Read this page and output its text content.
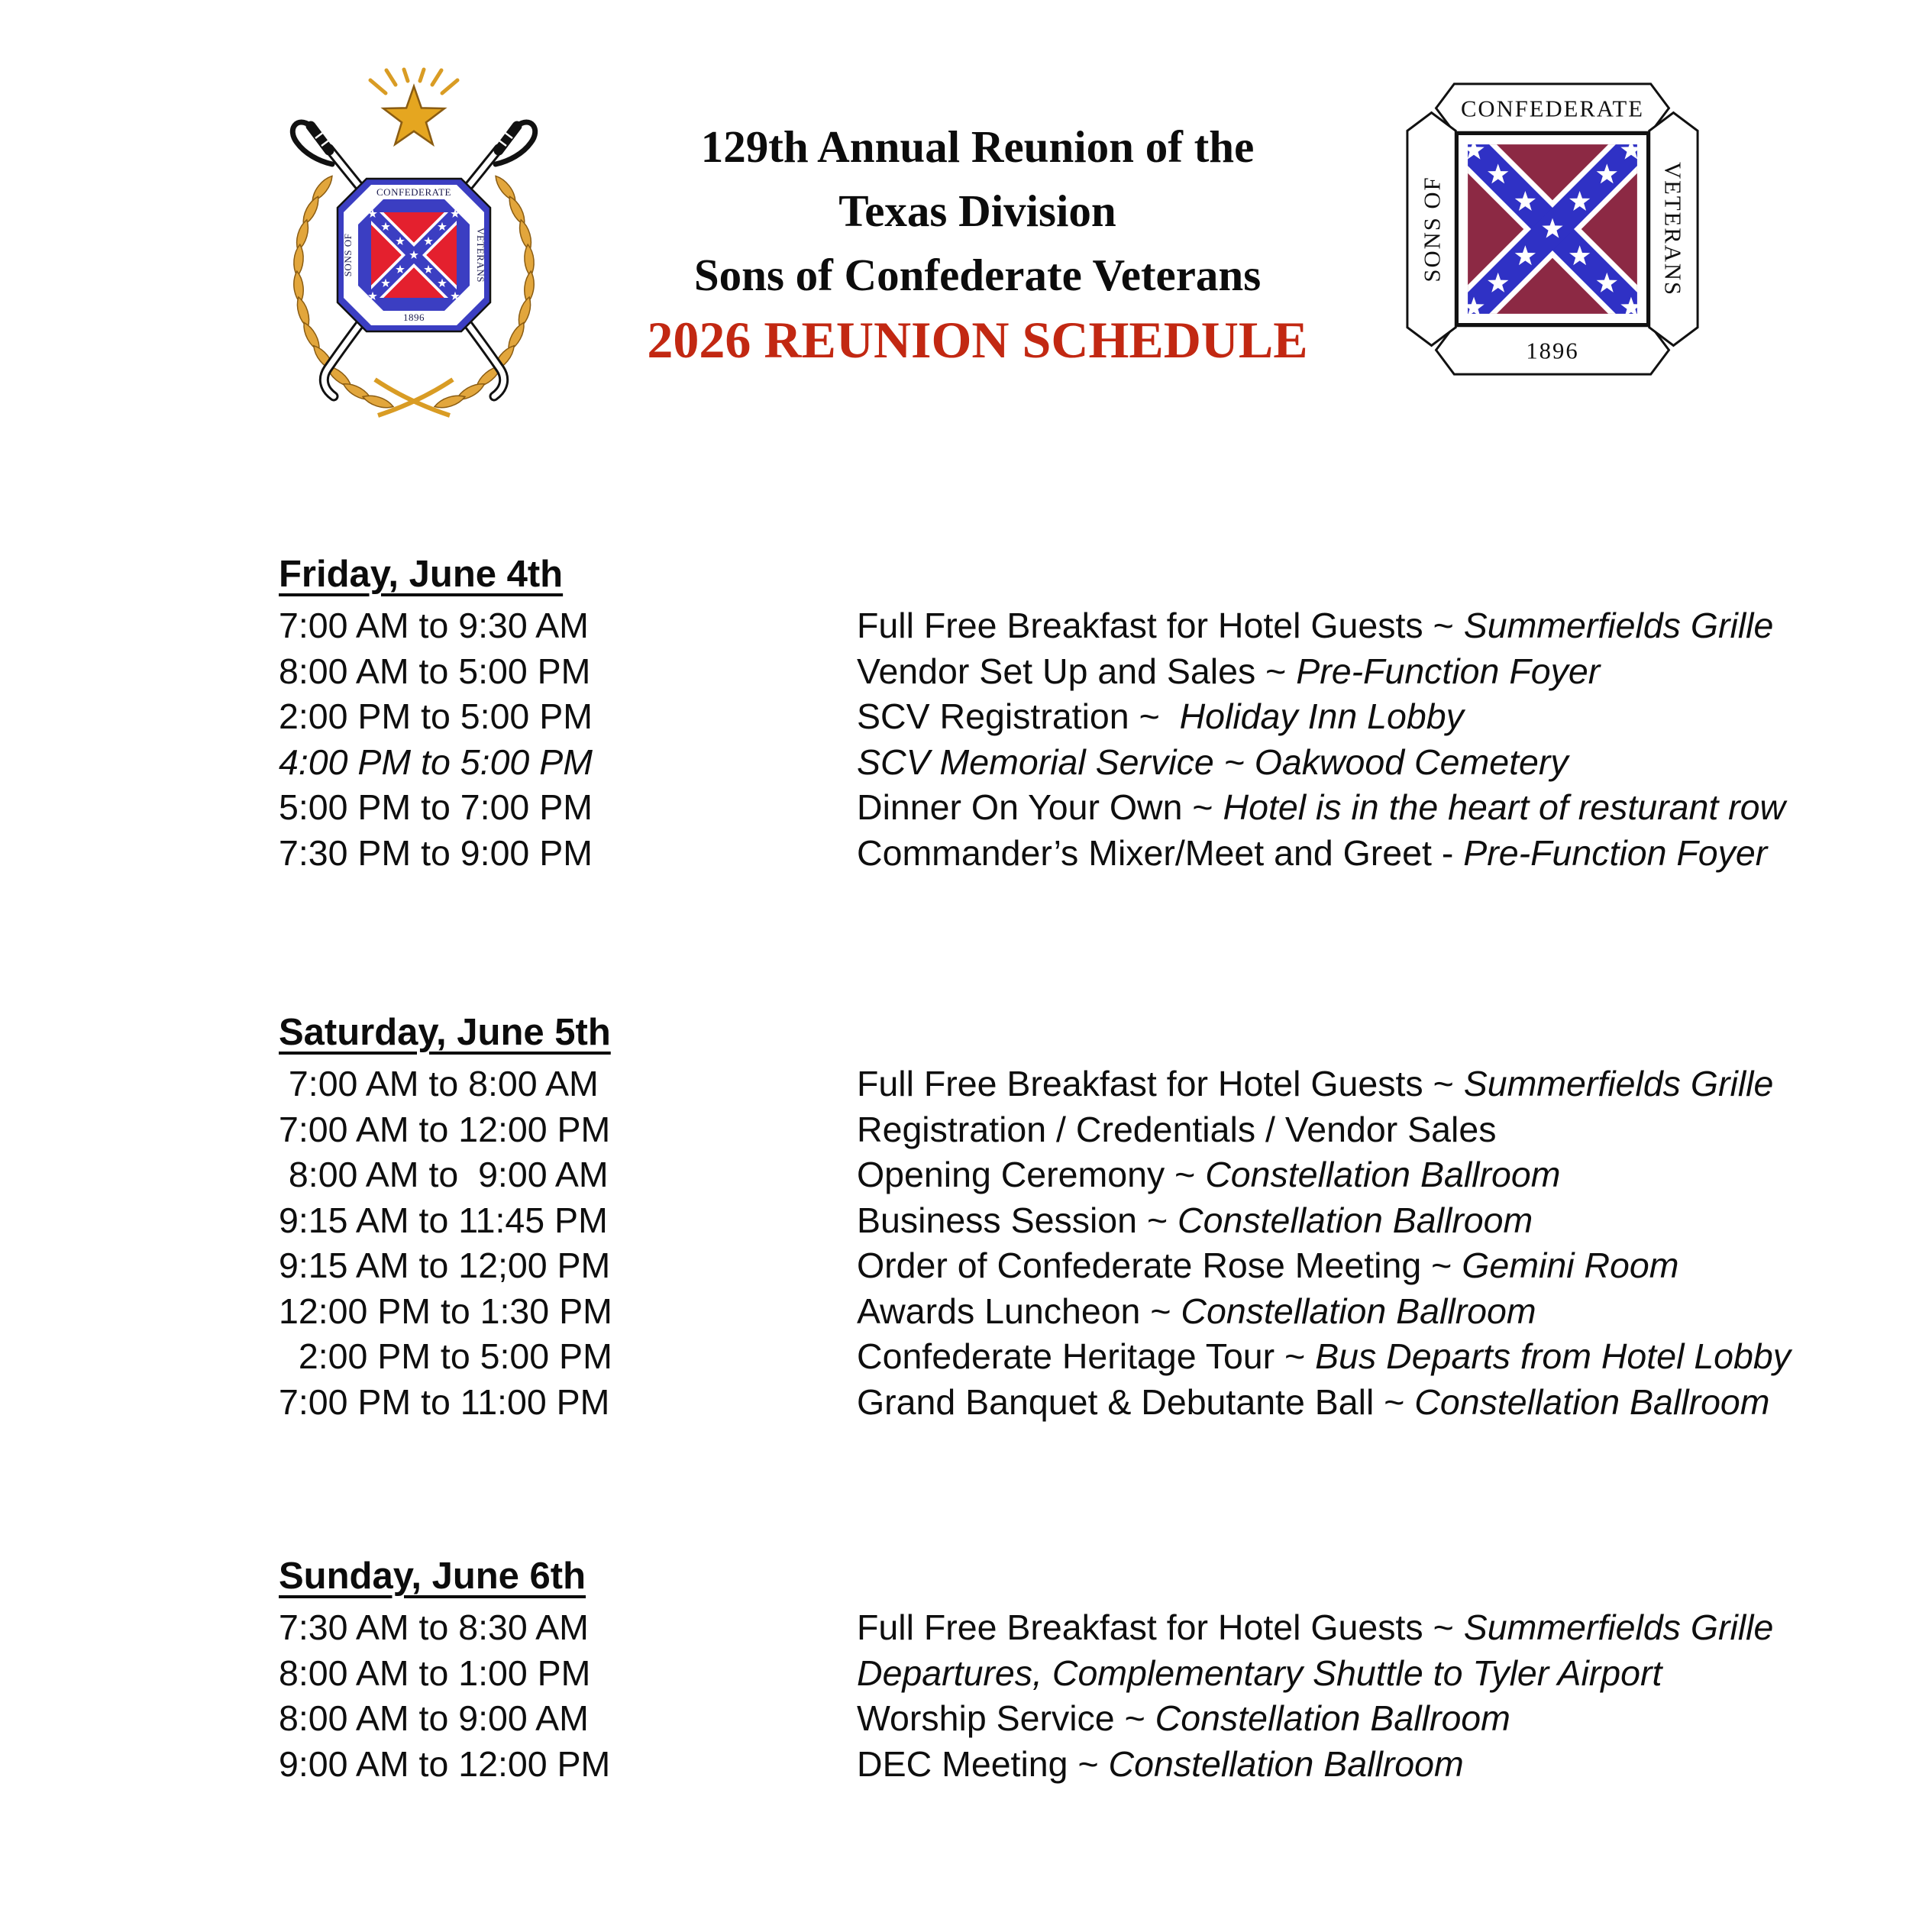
CONFEDERATE
1896
SONS OF	VETERANS
129th Annual Reunion of the
Texas Division
Sons of Confederate Veterans
2026 REUNION SCHEDULE
CONFEDERATE
1896
SONS OF	VETERANS
Friday, June 4th
7:00 AM to 9:30 AM	Full Free Breakfast for Hotel Guests ~ Summerfields Grille
8:00 AM to 5:00 PM	Vendor Set Up and Sales ~ Pre-Function Foyer
2:00 PM to 5:00 PM	SCV Registration ~  Holiday Inn Lobby
4:00 PM to 5:00 PM	SCV Memorial Service ~ Oakwood Cemetery
5:00 PM to 7:00 PM	Dinner On Your Own ~ Hotel is in the heart of resturant row
7:30 PM to 9:00 PM	Commander’s Mixer/Meet and Greet - Pre-Function Foyer
Saturday, June 5th
7:00 AM to 8:00 AM	Full Free Breakfast for Hotel Guests ~ Summerfields Grille
7:00 AM to 12:00 PM	Registration / Credentials / Vendor Sales
8:00 AM to  9:00 AM	Opening Ceremony ~ Constellation Ballroom
9:15 AM to 11:45 PM	Business Session ~ Constellation Ballroom
9:15 AM to 12;00 PM	Order of Confederate Rose Meeting ~ Gemini Room
12:00 PM to 1:30 PM	Awards Luncheon ~ Constellation Ballroom
2:00 PM to 5:00 PM	Confederate Heritage Tour ~ Bus Departs from Hotel Lobby
7:00 PM to 11:00 PM	Grand Banquet & Debutante Ball ~ Constellation Ballroom
Sunday, June 6th
7:30 AM to 8:30 AM	Full Free Breakfast for Hotel Guests ~ Summerfields Grille
8:00 AM to 1:00 PM	Departures, Complementary Shuttle to Tyler Airport
8:00 AM to 9:00 AM	Worship Service ~ Constellation Ballroom
9:00 AM to 12:00 PM	DEC Meeting ~ Constellation Ballroom
